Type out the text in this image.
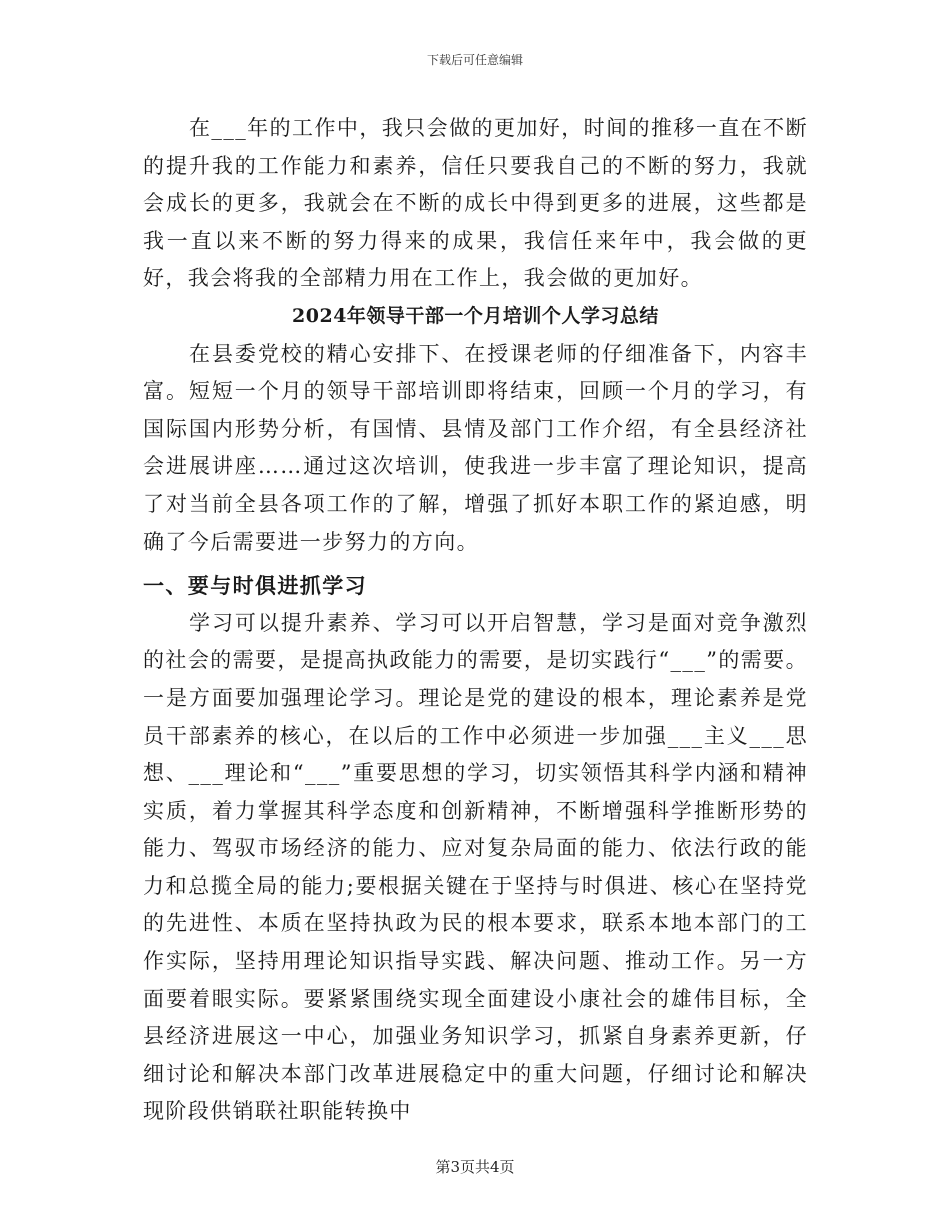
下载后可任意编辑

在___年的工作中，我只会做的更加好，时间的推移一直在不断的提升我的工作能力和素养，信任只要我自己的不断的努力，我就会成长的更多，我就会在不断的成长中得到更多的进展，这些都是我一直以来不断的努力得来的成果，我信任来年中，我会做的更好，我会将我的全部精力用在工作上，我会做的更加好。

2024年领导干部一个月培训个人学习总结

在县委党校的精心安排下、在授课老师的仔细准备下，内容丰富。短短一个月的领导干部培训即将结束，回顾一个月的学习，有国际国内形势分析，有国情、县情及部门工作介绍，有全县经济社会进展讲座……通过这次培训，使我进一步丰富了理论知识，提高了对当前全县各项工作的了解，增强了抓好本职工作的紧迫感，明确了今后需要进一步努力的方向。

一、要与时俱进抓学习

学习可以提升素养、学习可以开启智慧，学习是面对竞争激烈的社会的需要，是提高执政能力的需要，是切实践行“___”的需要。一是方面要加强理论学习。理论是党的建设的根本，理论素养是党员干部素养的核心，在以后的工作中必须进一步加强___主义___思想、___理论和“___”重要思想的学习，切实领悟其科学内涵和精神实质，着力掌握其科学态度和创新精神，不断增强科学推断形势的能力、驾驭市场经济的能力、应对复杂局面的能力、依法行政的能力和总揽全局的能力;要根据关键在于坚持与时俱进、核心在坚持党的先进性、本质在坚持执政为民的根本要求，联系本地本部门的工作实际，坚持用理论知识指导实践、解决问题、推动工作。另一方面要着眼实际。要紧紧围绕实现全面建设小康社会的雄伟目标，全县经济进展这一中心，加强业务知识学习，抓紧自身素养更新，仔细讨论和解决本部门改革进展稳定中的重大问题，仔细讨论和解决现阶段供销联社职能转换中

第3页共4页
